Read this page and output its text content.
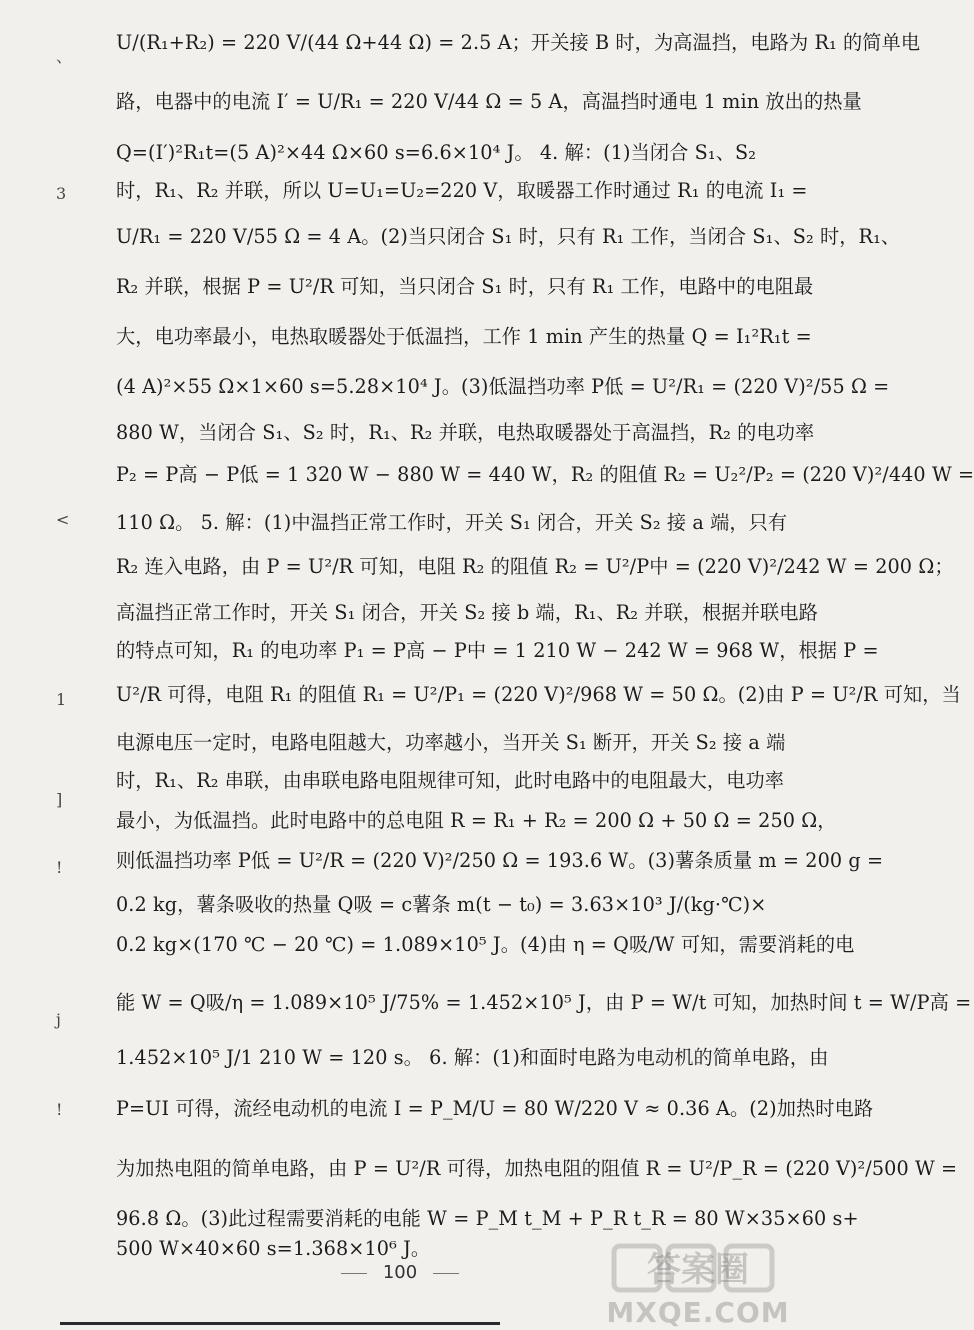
、
3
<
1
]
!
j
!
U/(R₁+R₂) = 220 V/(44 Ω+44 Ω) = 2.5 A；开关接 B 时，为高温挡，电路为 R₁ 的简单电
路，电器中的电流 I′ = U/R₁ = 220 V/44 Ω = 5 A，高温挡时通电 1 min 放出的热量
Q=(I′)²R₁t=(5 A)²×44 Ω×60 s=6.6×10⁴ J。 4. 解：(1)当闭合 S₁、S₂
时，R₁、R₂ 并联，所以 U=U₁=U₂=220 V，取暖器工作时通过 R₁ 的电流 I₁ =
U/R₁ = 220 V/55 Ω = 4 A。(2)当只闭合 S₁ 时，只有 R₁ 工作，当闭合 S₁、S₂ 时，R₁、
R₂ 并联，根据 P = U²/R 可知，当只闭合 S₁ 时，只有 R₁ 工作，电路中的电阻最
大，电功率最小，电热取暖器处于低温挡，工作 1 min 产生的热量 Q = I₁²R₁t =
(4 A)²×55 Ω×1×60 s=5.28×10⁴ J。(3)低温挡功率 P低 = U²/R₁ = (220 V)²/55 Ω =
880 W，当闭合 S₁、S₂ 时，R₁、R₂ 并联，电热取暖器处于高温挡，R₂ 的电功率
P₂ = P高 − P低 = 1 320 W − 880 W = 440 W，R₂ 的阻值 R₂ = U₂²/P₂ = (220 V)²/440 W =
110 Ω。 5. 解：(1)中温挡正常工作时，开关 S₁ 闭合，开关 S₂ 接 a 端，只有
R₂ 连入电路，由 P = U²/R 可知，电阻 R₂ 的阻值 R₂ = U²/P中 = (220 V)²/242 W = 200 Ω；
高温挡正常工作时，开关 S₁ 闭合，开关 S₂ 接 b 端，R₁、R₂ 并联，根据并联电路
的特点可知，R₁ 的电功率 P₁ = P高 − P中 = 1 210 W − 242 W = 968 W，根据 P =
U²/R 可得，电阻 R₁ 的阻值 R₁ = U²/P₁ = (220 V)²/968 W = 50 Ω。(2)由 P = U²/R 可知，当
电源电压一定时，电路电阻越大，功率越小，当开关 S₁ 断开，开关 S₂ 接 a 端
时，R₁、R₂ 串联，由串联电路电阻规律可知，此时电路中的电阻最大，电功率
最小，为低温挡。此时电路中的总电阻 R = R₁ + R₂ = 200 Ω + 50 Ω = 250 Ω，
则低温挡功率 P低 = U²/R = (220 V)²/250 Ω = 193.6 W。(3)薯条质量 m = 200 g =
0.2 kg，薯条吸收的热量 Q吸 = c薯条 m(t − t₀) = 3.63×10³ J/(kg·℃)×
0.2 kg×(170 ℃ − 20 ℃) = 1.089×10⁵ J。(4)由 η = Q吸/W 可知，需要消耗的电
能 W = Q吸/η = 1.089×10⁵ J/75% = 1.452×10⁵ J，由 P = W/t 可知，加热时间 t = W/P高 =
1.452×10⁵ J/1 210 W = 120 s。 6. 解：(1)和面时电路为电动机的简单电路，由
P=UI 可得，流经电动机的电流 I = P_M/U = 80 W/220 V ≈ 0.36 A。(2)加热时电路
为加热电阻的简单电路，由 P = U²/R 可得，加热电阻的阻值 R = U²/P_R = (220 V)²/500 W =
96.8 Ω。(3)此过程需要消耗的电能 W = P_M t_M + P_R t_R = 80 W×35×60 s+
500 W×40×60 s=1.368×10⁶ J。
100	答案圈
MXQE.COM
